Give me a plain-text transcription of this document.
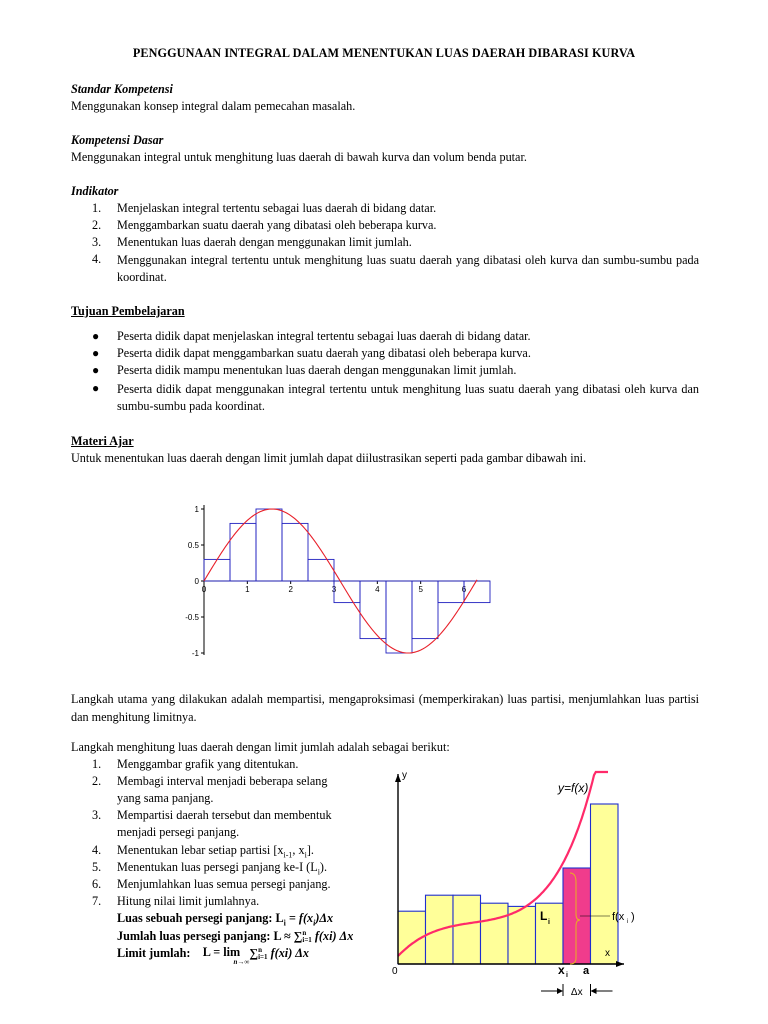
PENGGUNAAN INTEGRAL DALAM MENENTUKAN LUAS DAERAH DIBARASI KURVA
Standar Kompetensi
Menggunakan konsep integral dalam pemecahan masalah.
Kompetensi Dasar
Menggunakan integral untuk menghitung luas daerah di bawah kurva dan volum benda putar.
Indikator
1. Menjelaskan integral tertentu sebagai luas daerah di bidang datar.
2. Menggambarkan suatu daerah yang dibatasi oleh beberapa kurva.
3. Menentukan luas daerah dengan menggunakan limit jumlah.
4. Menggunakan integral tertentu untuk menghitung luas suatu daerah yang dibatasi oleh kurva dan sumbu-sumbu pada koordinat.
Tujuan Pembelajaran
● Peserta didik dapat menjelaskan integral tertentu sebagai luas daerah di bidang datar.
● Peserta didik dapat menggambarkan suatu daerah yang dibatasi oleh beberapa kurva.
● Peserta didik mampu menentukan luas daerah dengan menggunakan limit jumlah.
● Peserta didik dapat menggunakan integral tertentu untuk menghitung luas suatu daerah yang dibatasi oleh kurva dan sumbu-sumbu pada koordinat.
Materi Ajar
Untuk menentukan luas daerah dengan limit jumlah dapat diilustrasikan seperti pada gambar dibawah ini.
1
0.5
0
-0.5
-1
0	1	2	3	4	5	6
Langkah utama yang dilakukan adalah mempartisi, mengaproksimasi (memperkirakan) luas partisi, menjumlahkan luas partisi dan menghitung limitnya.
Langkah menghitung luas daerah dengan limit jumlah adalah sebagai berikut:
1. Menggambar grafik yang ditentukan.
2. Membagi interval menjadi beberapa selang
yang sama panjang.
3. Mempartisi daerah tersebut dan membentuk
menjadi persegi panjang.
4. Menentukan lebar setiap partisi [$x_{i-1}$, $x_i$].
5. Menentukan luas persegi panjang ke-I $(L_i)$.
6. Menjumlahkan luas semua persegi panjang.
7. Hitung nilai limit jumlahnya.
Luas sebuah persegi panjang: $L_i = f(x_i)\Delta x$
Jumlah luas persegi panjang: L ≈ ∑ n
i=1 f(xi) Δx
Limit jumlah: L = lim
n→∞
∑ n
i=1 f(xi) Δx
y
x
0
y=f(x)
L i	f(x i )
x i a
Δx
